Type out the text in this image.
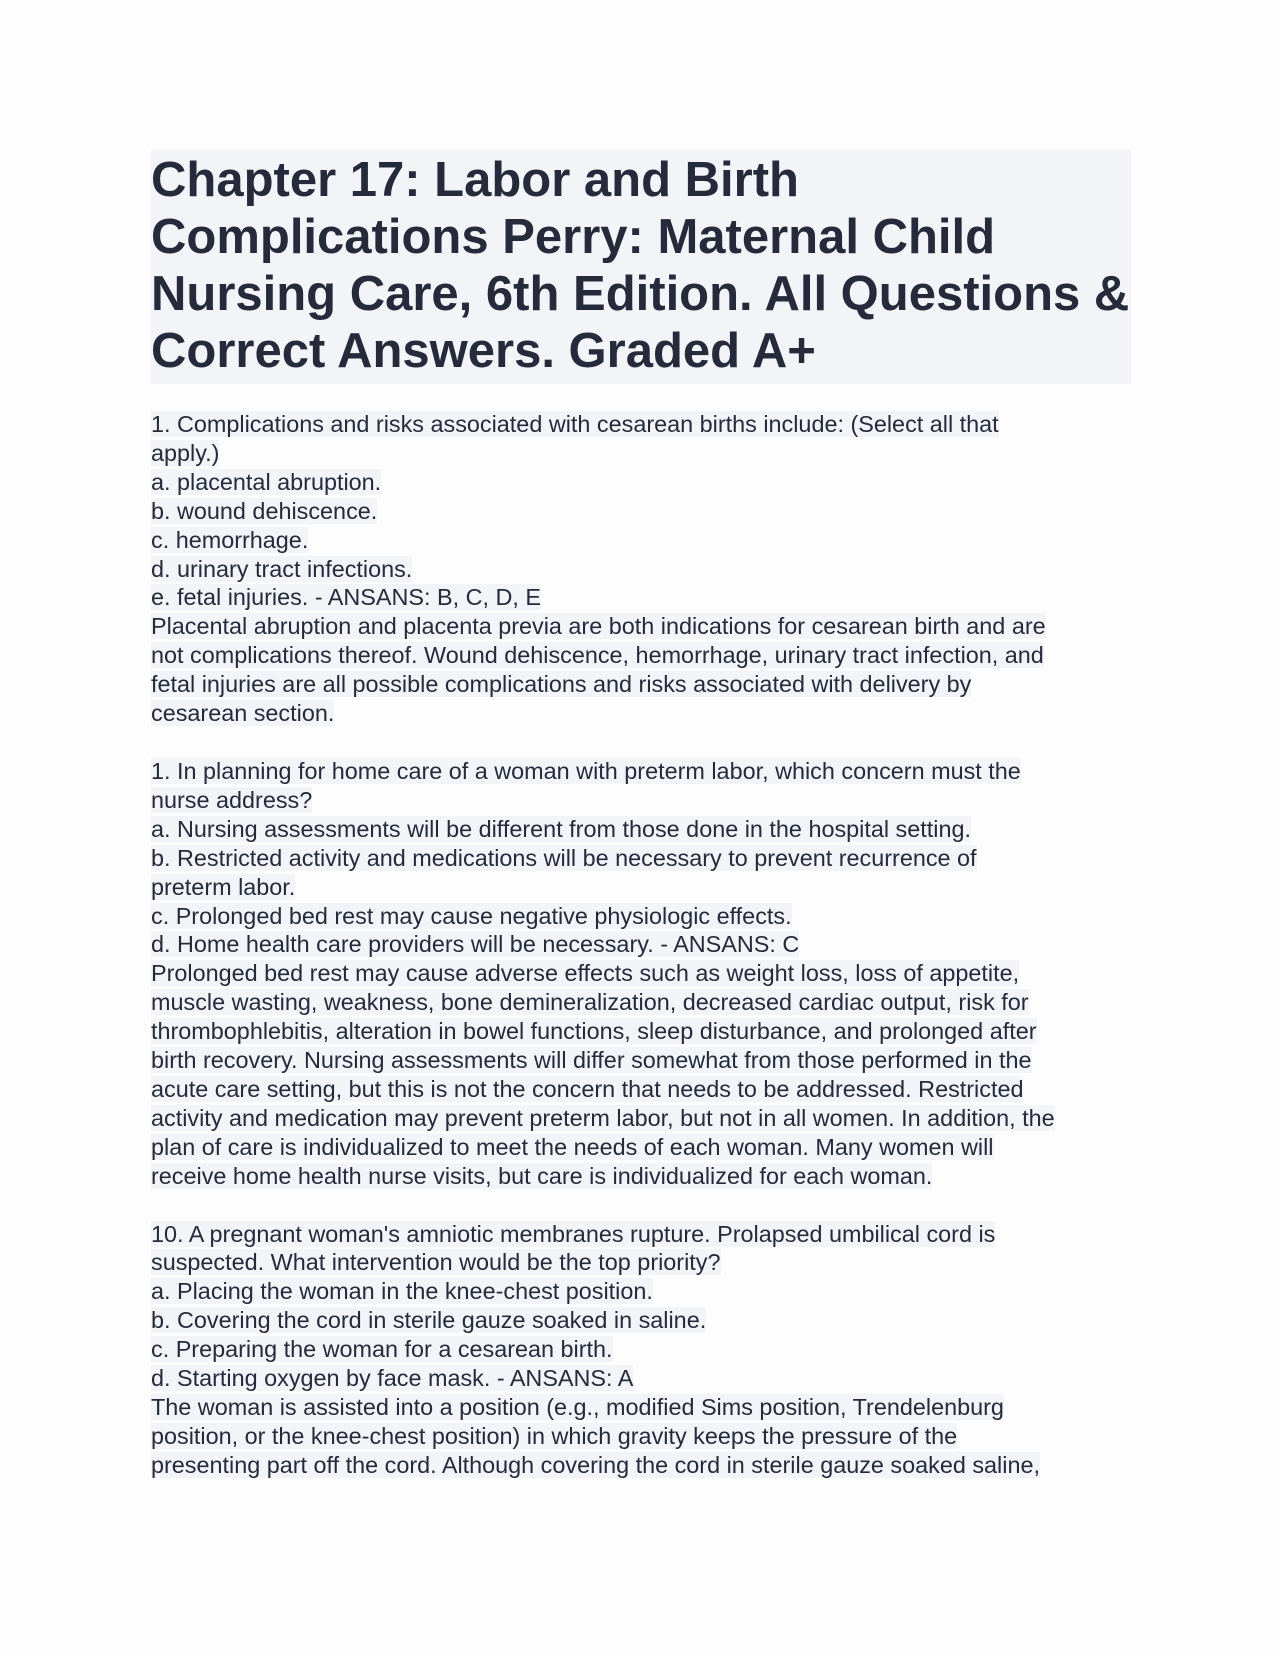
Chapter 17: Labor and Birth Complications Perry: Maternal Child Nursing Care, 6th Edition. All Questions & Correct Answers. Graded A+
1. Complications and risks associated with cesarean births include: (Select all that
apply.)
a. placental abruption.
b. wound dehiscence.
c. hemorrhage.
d. urinary tract infections.
e. fetal injuries. - ANSANS: B, C, D, E
Placental abruption and placenta previa are both indications for cesarean birth and are
not complications thereof. Wound dehiscence, hemorrhage, urinary tract infection, and
fetal injuries are all possible complications and risks associated with delivery by
cesarean section.
1. In planning for home care of a woman with preterm labor, which concern must the
nurse address?
a. Nursing assessments will be different from those done in the hospital setting.
b. Restricted activity and medications will be necessary to prevent recurrence of
preterm labor.
c. Prolonged bed rest may cause negative physiologic effects.
d. Home health care providers will be necessary. - ANSANS: C
Prolonged bed rest may cause adverse effects such as weight loss, loss of appetite,
muscle wasting, weakness, bone demineralization, decreased cardiac output, risk for
thrombophlebitis, alteration in bowel functions, sleep disturbance, and prolonged after
birth recovery. Nursing assessments will differ somewhat from those performed in the
acute care setting, but this is not the concern that needs to be addressed. Restricted
activity and medication may prevent preterm labor, but not in all women. In addition, the
plan of care is individualized to meet the needs of each woman. Many women will
receive home health nurse visits, but care is individualized for each woman.
10. A pregnant woman's amniotic membranes rupture. Prolapsed umbilical cord is
suspected. What intervention would be the top priority?
a. Placing the woman in the knee-chest position.
b. Covering the cord in sterile gauze soaked in saline.
c. Preparing the woman for a cesarean birth.
d. Starting oxygen by face mask. - ANSANS: A
The woman is assisted into a position (e.g., modified Sims position, Trendelenburg
position, or the knee-chest position) in which gravity keeps the pressure of the
presenting part off the cord. Although covering the cord in sterile gauze soaked saline,
